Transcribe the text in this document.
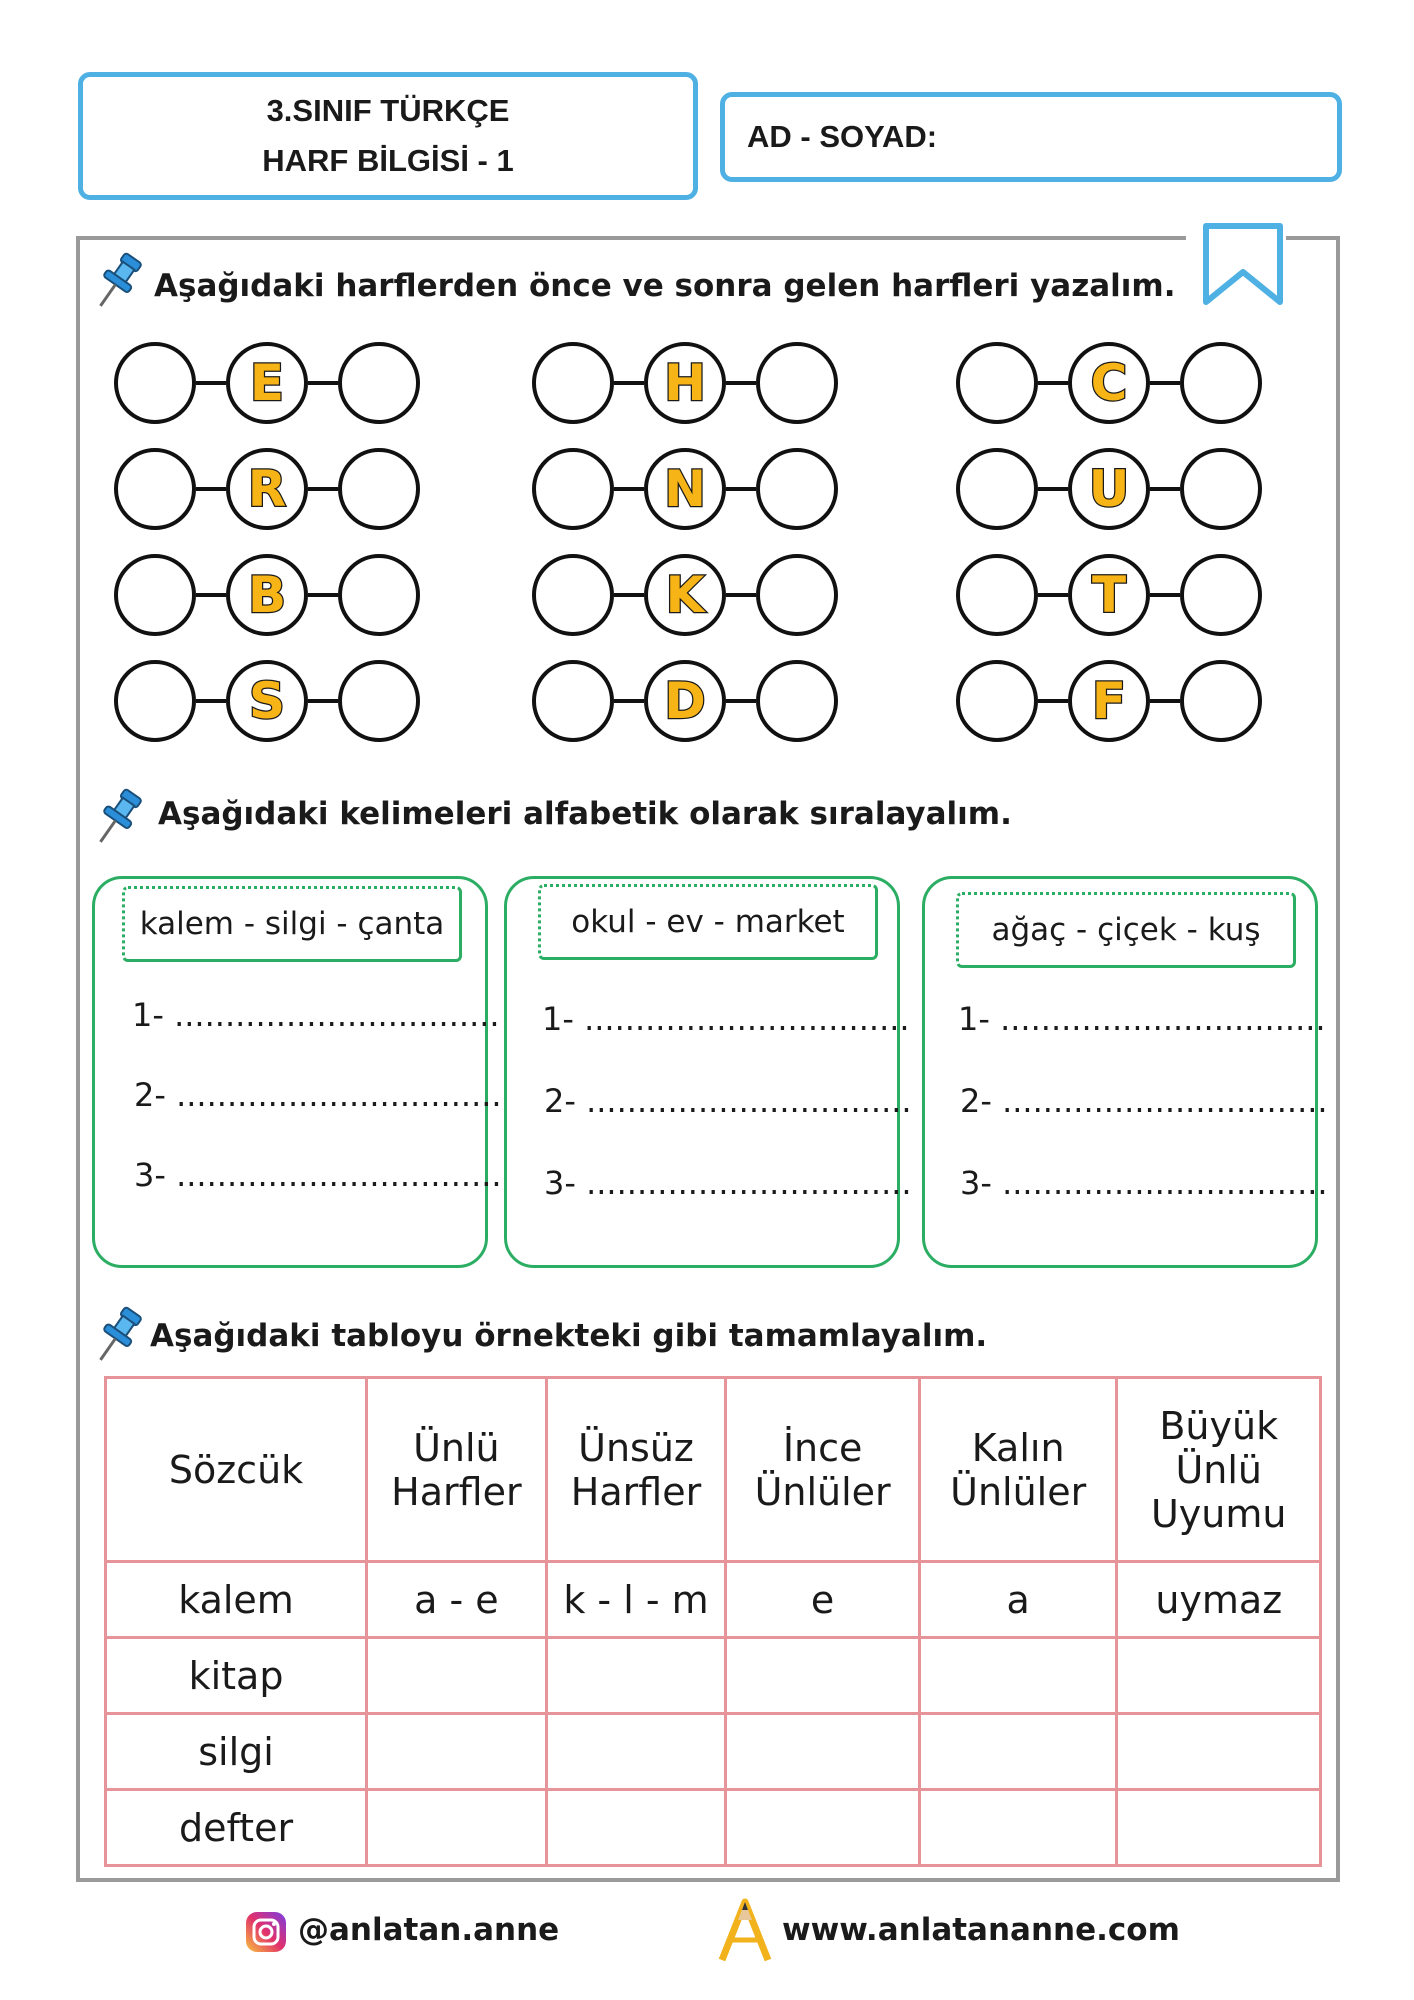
3.SINIF TÜRKÇE
HARF BİLGİSİ - 1
AD - SOYAD:
Aşağıdaki harflerden önce ve sonra gelen harfleri yazalım.
E
R
B
S
H
N
K
D
C
U
T
F
Aşağıdaki kelimeleri alfabetik olarak sıralayalım.
kalem - silgi - çanta
1- ................................
2- ................................
3- ................................
okul - ev - market
1- ................................
2- ................................
3- ................................
ağaç - çiçek - kuş
1- ................................
2- ................................
3- ................................
Aşağıdaki tabloyu örnekteki gibi tamamlayalım.
Sözcük	Ünlü Harfler	Ünsüz Harfler	İnce Ünlüler	Kalın Ünlüler	Büyük Ünlü Uyumu
kalem	a - e	k - l - m	e	a	uymaz
kitap					
silgi					
defter					
@anlatan.anne	www.anlatananne.com
